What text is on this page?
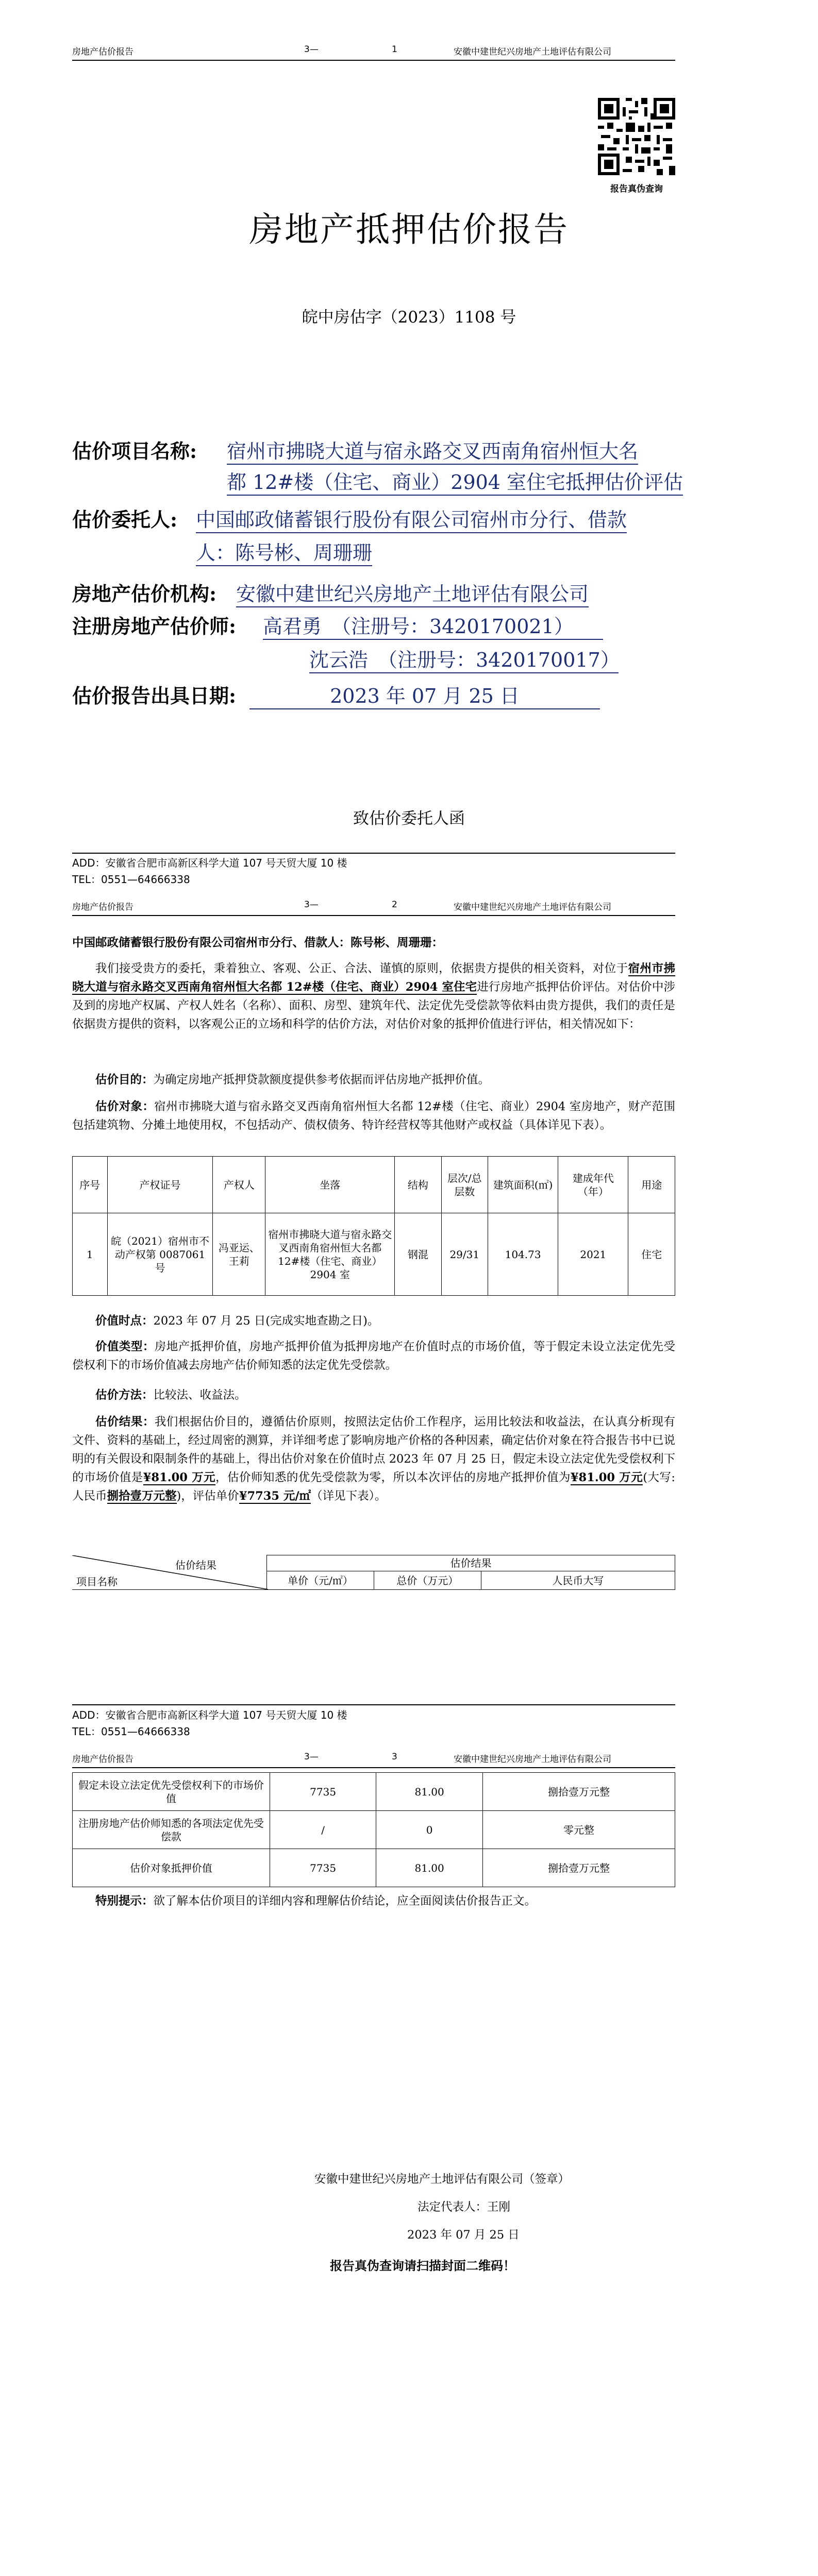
房地产估价报告	3—	1	安徽中建世纪兴房地产土地评估有限公司
报告真伪查询
房地产抵押估价报告
皖中房估字（2023）1108 号
估价项目名称: 宿州市拂晓大道与宿永路交叉西南角宿州恒大名
都 12#楼（住宅、商业）2904 室住宅抵押估价评估
估价委托人: 中国邮政储蓄银行股份有限公司宿州市分行、借款
人：陈号彬、周珊珊
房地产估价机构: 安徽中建世纪兴房地产土地评估有限公司
注册房地产估价师: 高君勇　（注册号：3420170021）
沈云浩　（注册号：3420170017）
估价报告出具日期:	2023 年 07 月 25 日
致估价委托人函
ADD：安徽省合肥市高新区科学大道 107 号天贸大厦 10 楼
TEL：0551—64666338
房地产估价报告	3—	2	安徽中建世纪兴房地产土地评估有限公司
中国邮政储蓄银行股份有限公司宿州市分行、借款人：陈号彬、周珊珊：
我们接受贵方的委托，秉着独立、客观、公正、合法、谨慎的原则，依据贵方提供的相关资料，对位于宿州市拂晓大道与宿永路交叉西南角宿州恒大名都 12#楼（住宅、商业）2904 室住宅进行房地产抵押估价评估。对估价中涉及到的房地产权属、产权人姓名（名称）、面积、房型、建筑年代、法定优先受偿款等依料由贵方提供，我们的责任是依据贵方提供的资料，以客观公正的立场和科学的估价方法，对估价对象的抵押价值进行评估，相关情况如下：
估价目的：为确定房地产抵押贷款额度提供参考依据而评估房地产抵押价值。
估价对象：宿州市拂晓大道与宿永路交叉西南角宿州恒大名都 12#楼（住宅、商业）2904 室房地产，财产范围包括建筑物、分摊土地使用权，不包括动产、债权债务、特许经营权等其他财产或权益（具体详见下表）。
序号	产权证号	产权人	坐落	结构	层次/总层数	建筑面积(㎡)	建成年代（年）	用途
1	皖（2021）宿州市不动产权第 0087061 号	冯亚运、王莉	宿州市拂晓大道与宿永路交叉西南角宿州恒大名都 12#楼（住宅、商业）2904 室	钢混	29/31	104.73	2021	住宅
价值时点：2023 年 07 月 25 日(完成实地查勘之日)。
价值类型：房地产抵押价值，房地产抵押价值为抵押房地产在价值时点的市场价值，等于假定未设立法定优先受偿权利下的市场价值减去房地产估价师知悉的法定优先受偿款。
估价方法：比较法、收益法。
估价结果：我们根据估价目的，遵循估价原则，按照法定估价工作程序，运用比较法和收益法，在认真分析现有文件、资料的基础上，经过周密的测算，并详细考虑了影响房地产价格的各种因素，确定估价对象在符合报告书中已说明的有关假设和限制条件的基础上，得出估价对象在价值时点 2023 年 07 月 25 日，假定未设立法定优先受偿权利下的市场价值是¥81.00 万元，估价师知悉的优先受偿款为零，所以本次评估的房地产抵押价值为¥81.00 万元(大写:人民币捌拾壹万元整)，评估单价¥7735 元/㎡（详见下表）。
估价结果
项目名称	估价结果		
	单价（元/㎡）	总价（万元）	人民币大写
ADD：安徽省合肥市高新区科学大道 107 号天贸大厦 10 楼
TEL：0551—64666338
房地产估价报告	3—	3	安徽中建世纪兴房地产土地评估有限公司
假定未设立法定优先受偿权利下的市场价值	7735	81.00	捌拾壹万元整
注册房地产估价师知悉的各项法定优先受偿款	/	0	零元整
估价对象抵押价值	7735	81.00	捌拾壹万元整
特别提示：欲了解本估价项目的详细内容和理解估价结论，应全面阅读估价报告正文。
安徽中建世纪兴房地产土地评估有限公司（签章）
法定代表人：王刚
2023 年 07 月 25 日
报告真伪查询请扫描封面二维码！
